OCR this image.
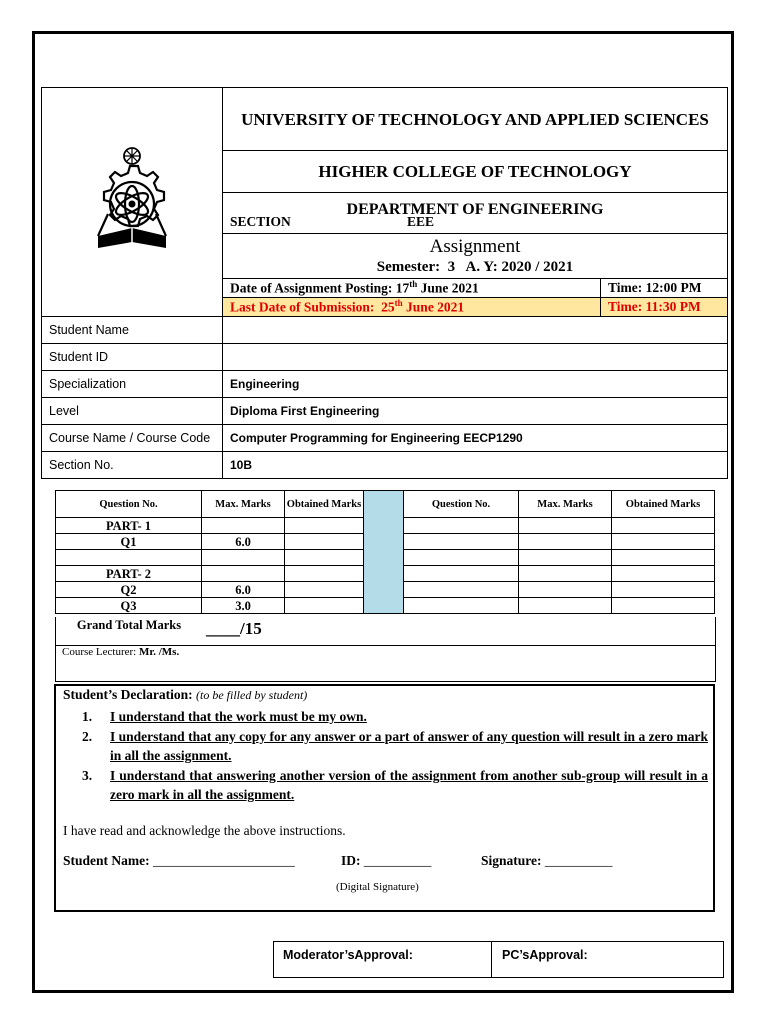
	UNIVERSITY OF TECHNOLOGY AND APPLIED SCIENCES	
	HIGHER COLLEGE OF TECHNOLOGY	

	DEPARTMENT OF ENGINEERING
SECTION EEE	

	Assignment
Semester: 3 A. Y: 2020 / 2021	

	Date of Assignment Posting: 17th June 2021	Time: 12:00 PM
	Last Date of Submission: 25th June 2021	Time: 11:30 PM
Student Name		
Student ID		
Specialization	Engineering	
Level	Diploma First Engineering	
Course Name / Course Code	Computer Programming for Engineering EECP1290	
Section No.	10B	
Question No.	Max. Marks	Obtained Marks		Question No.	Max. Marks	Obtained Marks
PART- 1						
Q1	6.0					

PART- 2						
Q2	6.0					
Q3	3.0					
Grand Total Marks	____/15
Course Lecturer: Mr. /Ms.
Student’s Declaration: (to be filled by student)
1.	I understand that the work must be my own.
2.	I understand that any copy for any answer or a part of answer of any question will result in a zero mark in all the assignment.
3.	I understand that answering another version of the assignment from another sub-group will result in a zero mark in all the assignment.
I have read and acknowledge the above instructions.
Student Name: _____________________	ID: __________	Signature: __________
(Digital Signature)
Moderator’sApproval:	PC’sApproval:
